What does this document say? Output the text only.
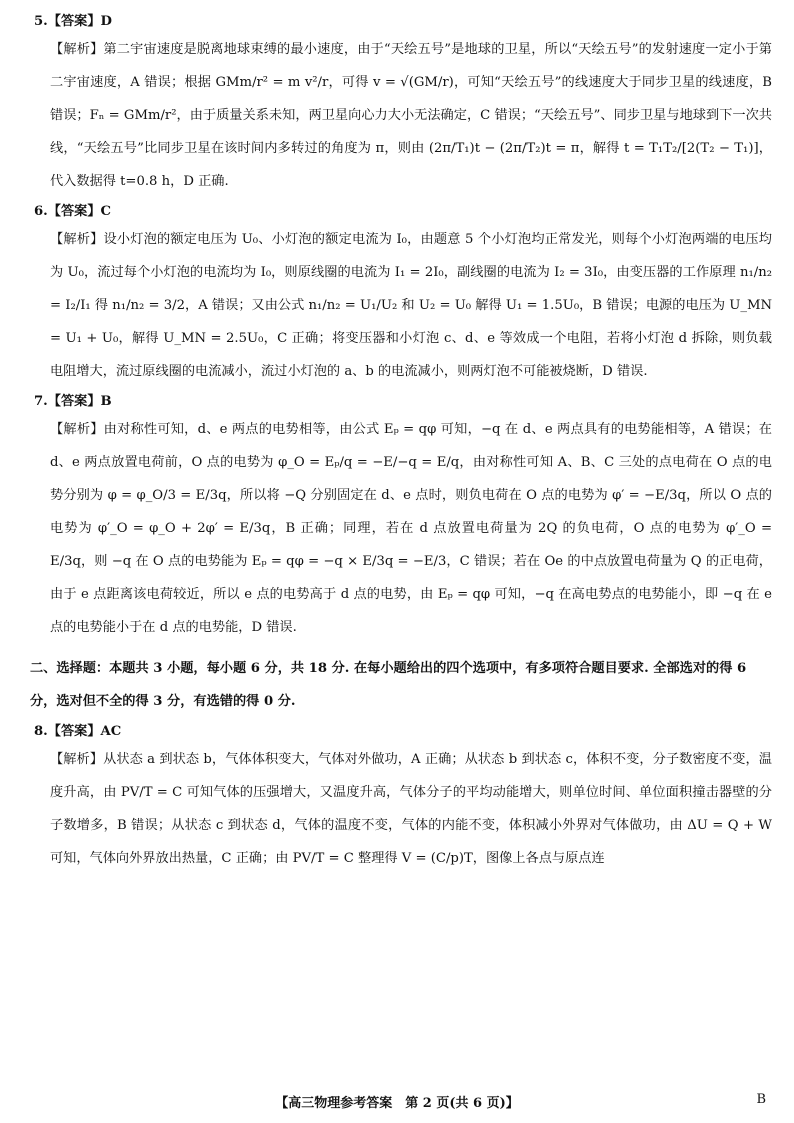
5.【答案】D
【解析】第二宇宙速度是脱离地球束缚的最小速度，由于“天绘五号”是地球的卫星，所以“天绘五号”的发射速度一定小于第二宇宙速度，A 错误；根据 GMm/r² = m v²/r，可得 v = √(GM/r)，可知“天绘五号”的线速度大于同步卫星的线速度，B 错误；Fₙ = GMm/r²，由于质量关系未知，两卫星向心力大小无法确定，C 错误；“天绘五号”、同步卫星与地球到下一次共线，“天绘五号”比同步卫星在该时间内多转过的角度为 π，则由 (2π/T₁)t − (2π/T₂)t = π，解得 t = T₁T₂/[2(T₂ − T₁)]，代入数据得 t=0.8 h，D 正确.
6.【答案】C
【解析】设小灯泡的额定电压为 U₀、小灯泡的额定电流为 I₀，由题意 5 个小灯泡均正常发光，则每个小灯泡两端的电压均为 U₀，流过每个小灯泡的电流均为 I₀，则原线圈的电流为 I₁ = 2I₀，副线圈的电流为 I₂ = 3I₀，由变压器的工作原理 n₁/n₂ = I₂/I₁ 得 n₁/n₂ = 3/2，A 错误；又由公式 n₁/n₂ = U₁/U₂ 和 U₂ = U₀ 解得 U₁ = 1.5U₀，B 错误；电源的电压为 U_MN = U₁ + U₀，解得 U_MN = 2.5U₀，C 正确；将变压器和小灯泡 c、d、e 等效成一个电阻，若将小灯泡 d 拆除，则负载电阻增大，流过原线圈的电流减小，流过小灯泡的 a、b 的电流减小，则两灯泡不可能被烧断，D 错误.
7.【答案】B
【解析】由对称性可知，d、e 两点的电势相等，由公式 Eₚ = qφ 可知，−q 在 d、e 两点具有的电势能相等，A 错误；在 d、e 两点放置电荷前，O 点的电势为 φ_O = Eₚ/q = −E/−q = E/q，由对称性可知 A、B、C 三处的点电荷在 O 点的电势分别为 φ = φ_O/3 = E/3q，所以将 −Q 分别固定在 d、e 点时，则负电荷在 O 点的电势为 φ′ = −E/3q，所以 O 点的电势为 φ′_O = φ_O + 2φ′ = E/3q，B 正确；同理，若在 d 点放置电荷量为 2Q 的负电荷，O 点的电势为 φ′_O = E/3q，则 −q 在 O 点的电势能为 Eₚ = qφ = −q × E/3q = −E/3，C 错误；若在 Oe 的中点放置电荷量为 Q 的正电荷，由于 e 点距离该电荷较近，所以 e 点的电势高于 d 点的电势，由 Eₚ = qφ 可知，−q 在高电势点的电势能小，即 −q 在 e 点的电势能小于在 d 点的电势能，D 错误.
二、选择题：本题共 3 小题，每小题 6 分，共 18 分. 在每小题给出的四个选项中，有多项符合题目要求. 全部选对的得 6 分，选对但不全的得 3 分，有选错的得 0 分.
8.【答案】AC
【解析】从状态 a 到状态 b，气体体积变大，气体对外做功，A 正确；从状态 b 到状态 c，体积不变，分子数密度不变，温度升高，由 PV/T = C 可知气体的压强增大，又温度升高，气体分子的平均动能增大，则单位时间、单位面积撞击器壁的分子数增多，B 错误；从状态 c 到状态 d，气体的温度不变，气体的内能不变，体积减小外界对气体做功，由 ΔU = Q + W 可知，气体向外界放出热量，C 正确；由 PV/T = C 整理得 V = (C/p)T，图像上各点与原点连
【高三物理参考答案　第 2 页(共 6 页)】	B
